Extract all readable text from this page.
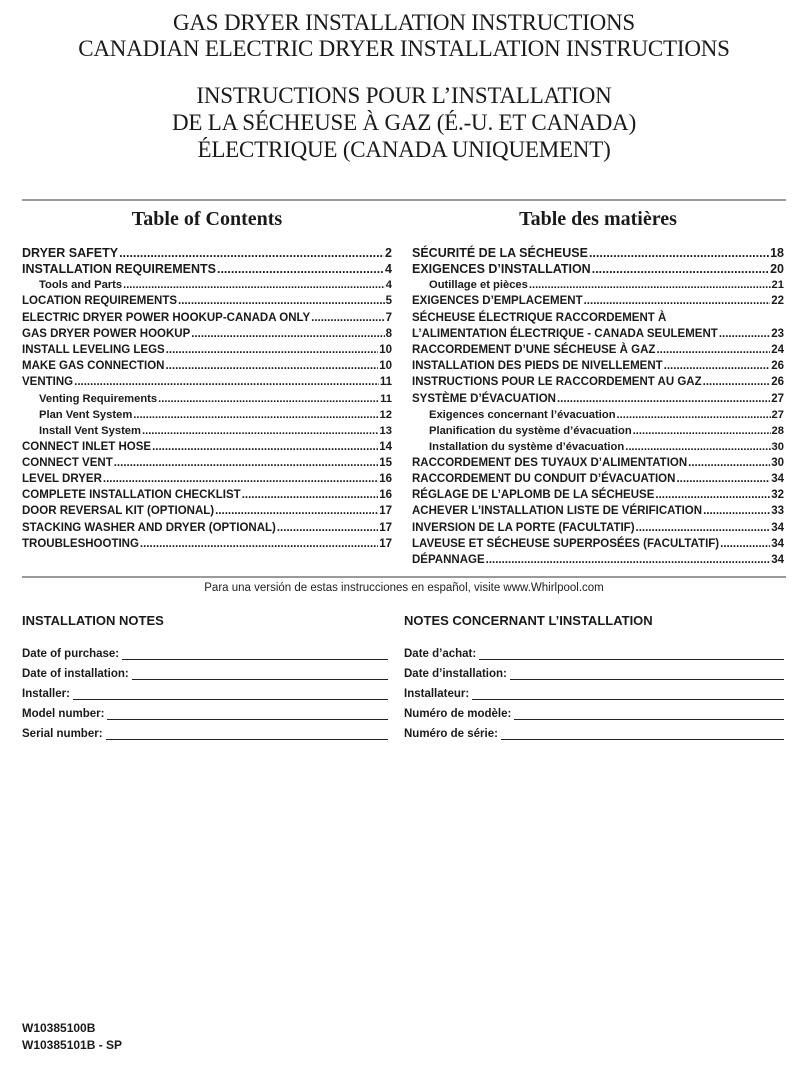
GAS DRYER INSTALLATION INSTRUCTIONS
CANADIAN ELECTRIC DRYER INSTALLATION INSTRUCTIONS
INSTRUCTIONS POUR L’INSTALLATION
DE LA SÉCHEUSE À GAZ (É.-U. ET CANADA)
ÉLECTRIQUE (CANADA UNIQUEMENT)
Table of Contents
DRYER SAFETY .....	2
INSTALLATION REQUIREMENTS .....	4
Tools and Parts .....	4
LOCATION REQUIREMENTS .....	5
ELECTRIC DRYER POWER HOOKUP-CANADA ONLY .....	7
GAS DRYER POWER HOOKUP .....	8
INSTALL LEVELING LEGS .....	10
MAKE GAS CONNECTION .....	10
VENTING .....	11
Venting Requirements .....	11
Plan Vent System .....	12
Install Vent System .....	13
CONNECT INLET HOSE .....	14
CONNECT VENT .....	15
LEVEL DRYER .....	16
COMPLETE INSTALLATION CHECKLIST .....	16
DOOR REVERSAL KIT (OPTIONAL) .....	17
STACKING WASHER AND DRYER (OPTIONAL) .....	17
TROUBLESHOOTING .....	17
Table des matières
SÉCURITÉ DE LA SÉCHEUSE .....	18
EXIGENCES D’INSTALLATION .....	20
Outillage et pièces .....	21
EXIGENCES D’EMPLACEMENT .....	22
SÉCHEUSE ÉLECTRIQUE RACCORDEMENT À
L’ALIMENTATION ÉLECTRIQUE - CANADA SEULEMENT .....	23
RACCORDEMENT D’UNE SÉCHEUSE À GAZ .....	24
INSTALLATION DES PIEDS DE NIVELLEMENT .....	26
INSTRUCTIONS POUR LE RACCORDEMENT AU GAZ .....	26
SYSTÈME D’ÉVACUATION .....	27
Exigences concernant l’évacuation .....	27
Planification du système d’évacuation .....	28
Installation du système d’évacuation .....	30
RACCORDEMENT DES TUYAUX D’ALIMENTATION .....	30
RACCORDEMENT DU CONDUIT D’ÉVACUATION .....	34
RÉGLAGE DE L’APLOMB DE LA SÉCHEUSE .....	32
ACHEVER L’INSTALLATION LISTE DE VÉRIFICATION .....	33
INVERSION DE LA PORTE (FACULTATIF) .....	34
LAVEUSE ET SÉCHEUSE SUPERPOSÉES (FACULTATIF) .....	34
DÉPANNAGE .....	34
Para una versión de estas instrucciones en español, visite www.Whirlpool.com
INSTALLATION NOTES
Date of purchase:
Date of installation:
Installer:
Model number:
Serial number:
NOTES CONCERNANT L’INSTALLATION
Date d’achat:
Date d’installation:
Installateur:
Numéro de modèle:
Numéro de série:
W10385100B
W10385101B - SP
